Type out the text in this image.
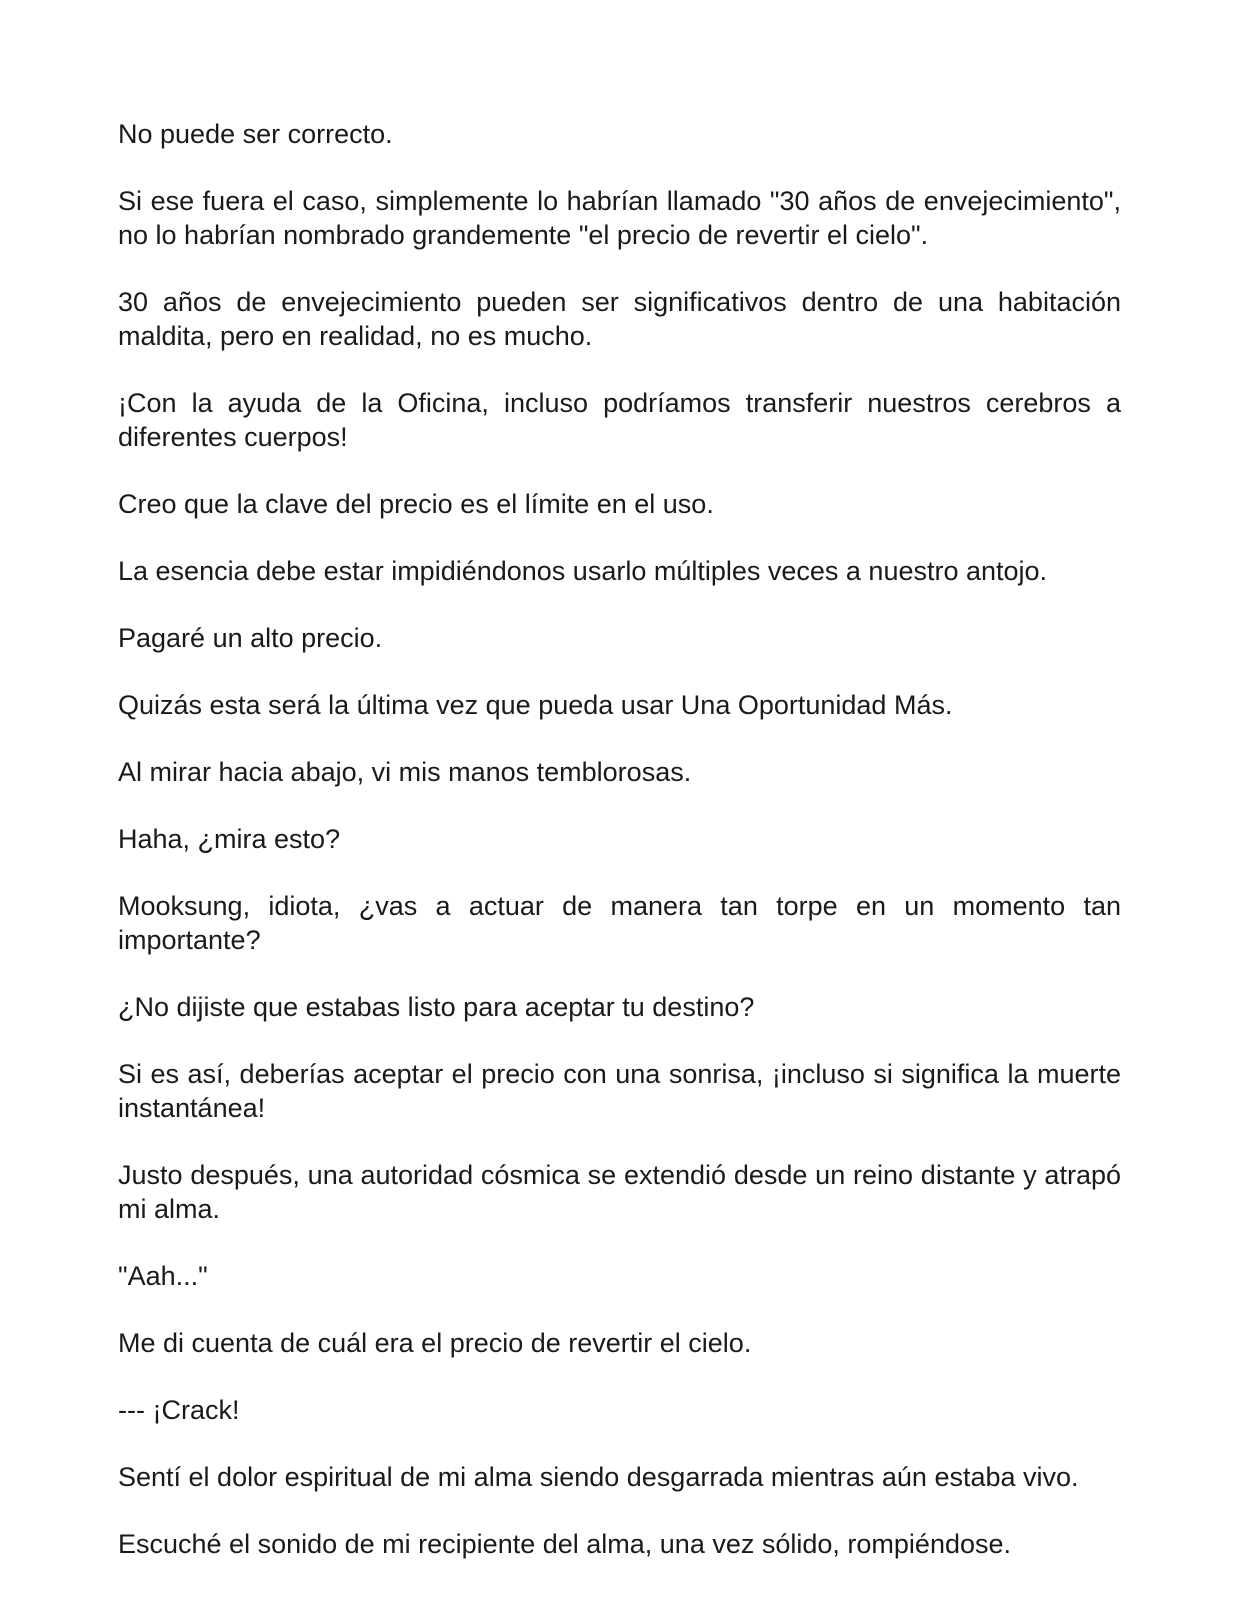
No puede ser correcto.

Si ese fuera el caso, simplemente lo habrían llamado "30 años de envejecimiento", no lo habrían nombrado grandemente "el precio de revertir el cielo".

30 años de envejecimiento pueden ser significativos dentro de una habitación maldita, pero en realidad, no es mucho.

¡Con la ayuda de la Oficina, incluso podríamos transferir nuestros cerebros a diferentes cuerpos!

Creo que la clave del precio es el límite en el uso.

La esencia debe estar impidiéndonos usarlo múltiples veces a nuestro antojo.

Pagaré un alto precio.

Quizás esta será la última vez que pueda usar Una Oportunidad Más.

Al mirar hacia abajo, vi mis manos temblorosas.

Haha, ¿mira esto?

Mooksung, idiota, ¿vas a actuar de manera tan torpe en un momento tan importante?

¿No dijiste que estabas listo para aceptar tu destino?

Si es así, deberías aceptar el precio con una sonrisa, ¡incluso si significa la muerte instantánea!

Justo después, una autoridad cósmica se extendió desde un reino distante y atrapó mi alma.

"Aah..."

Me di cuenta de cuál era el precio de revertir el cielo.

--- ¡Crack!

Sentí el dolor espiritual de mi alma siendo desgarrada mientras aún estaba vivo.

Escuché el sonido de mi recipiente del alma, una vez sólido, rompiéndose.
